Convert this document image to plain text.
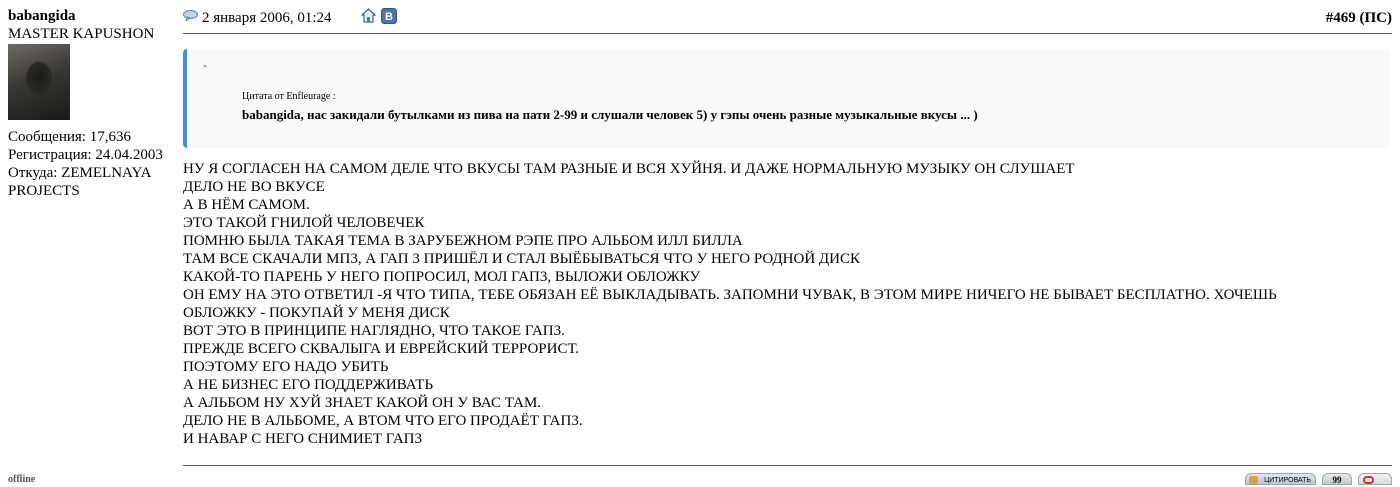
babangida
MASTER KAPUSHON
Сообщения: 17,636
Регистрация: 24.04.2003
Откуда: ZEMELNAYA
PROJECTS
offline
2 января 2006, 01:24	B	#469 (ПС)
-
Цитата от Enfleurage :
babangida, нас закидали бутылками из пива на пати 2-99 и слушали человек 5) у гэпы очень разные музыкальные вкусы ... )
НУ Я СОГЛАСЕН НА САМОМ ДЕЛЕ ЧТО ВКУСЫ ТАМ РАЗНЫЕ И ВСЯ ХУЙНЯ. И ДАЖЕ НОРМАЛЬНУЮ МУЗЫКУ ОН СЛУШАЕТ
ДЕЛО НЕ ВО ВКУСЕ
А В НЁМ САМОМ.
ЭТО ТАКОЙ ГНИЛОЙ ЧЕЛОВЕЧЕК
ПОМНЮ БЫЛА ТАКАЯ ТЕМА В ЗАРУБЕЖНОМ РЭПЕ ПРО АЛЬБОМ ИЛЛ БИЛЛА
ТАМ ВСЕ СКАЧАЛИ МП3, А ГАП 3 ПРИШЁЛ И СТАЛ ВЫЁБЫВАТЬСЯ ЧТО У НЕГО РОДНОЙ ДИСК
КАКОЙ-ТО ПАРЕНЬ У НЕГО ПОПРОСИЛ, МОЛ ГАП3, ВЫЛОЖИ ОБЛОЖКУ
ОН ЕМУ НА ЭТО ОТВЕТИЛ -Я ЧТО ТИПА, ТЕБЕ ОБЯЗАН ЕЁ ВЫКЛАДЫВАТЬ. ЗАПОМНИ ЧУВАК, В ЭТОМ МИРЕ НИЧЕГО НЕ БЫВАЕТ БЕСПЛАТНО. ХОЧЕШЬ
ОБЛОЖКУ - ПОКУПАЙ У МЕНЯ ДИСК
ВОТ ЭТО В ПРИНЦИПЕ НАГЛЯДНО, ЧТО ТАКОЕ ГАП3.
ПРЕЖДЕ ВСЕГО СКВАЛЫГА И ЕВРЕЙСКИЙ ТЕРРОРИСТ.
ПОЭТОМУ ЕГО НАДО УБИТЬ
А НЕ БИЗНЕС ЕГО ПОДДЕРЖИВАТЬ
А АЛЬБОМ НУ ХУЙ ЗНАЕТ КАКОЙ ОН У ВАС ТАМ.
ДЕЛО НЕ В АЛЬБОМЕ, А ВТОМ ЧТО ЕГО ПРОДАЁТ ГАП3.
И НАВАР С НЕГО СНИМИЕТ ГАП3
ЦИТИРОВАТЬ	99
